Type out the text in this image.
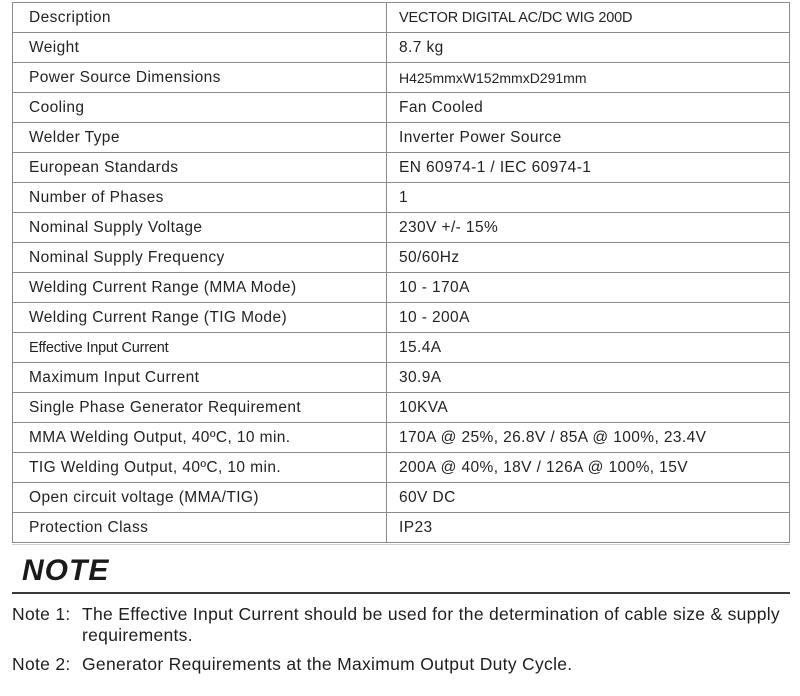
Description	VECTOR DIGITAL AC/DC WIG 200D
Weight	8.7 kg
Power Source Dimensions	H425mmxW152mmxD291mm
Cooling	Fan Cooled
Welder Type	Inverter Power Source
European Standards	EN 60974-1 / IEC 60974-1
Number of Phases	1
Nominal Supply Voltage	230V +/- 15%
Nominal Supply Frequency	50/60Hz
Welding Current Range (MMA Mode)	10 - 170A
Welding Current Range (TIG Mode)	10 - 200A
Effective Input Current	15.4A
Maximum Input Current	30.9A
Single Phase Generator Requirement	10KVA
MMA Welding Output, 40ºC, 10 min.	170A @ 25%, 26.8V / 85A @ 100%, 23.4V
TIG Welding Output, 40ºC, 10 min.	200A @ 40%, 18V / 126A @ 100%, 15V
Open circuit voltage (MMA/TIG)	60V DC
Protection Class	IP23
NOTE
Note 1: The Effective Input Current should be used for the determination of cable size & supply requirements.
Note 2: Generator Requirements at the Maximum Output Duty Cycle.
